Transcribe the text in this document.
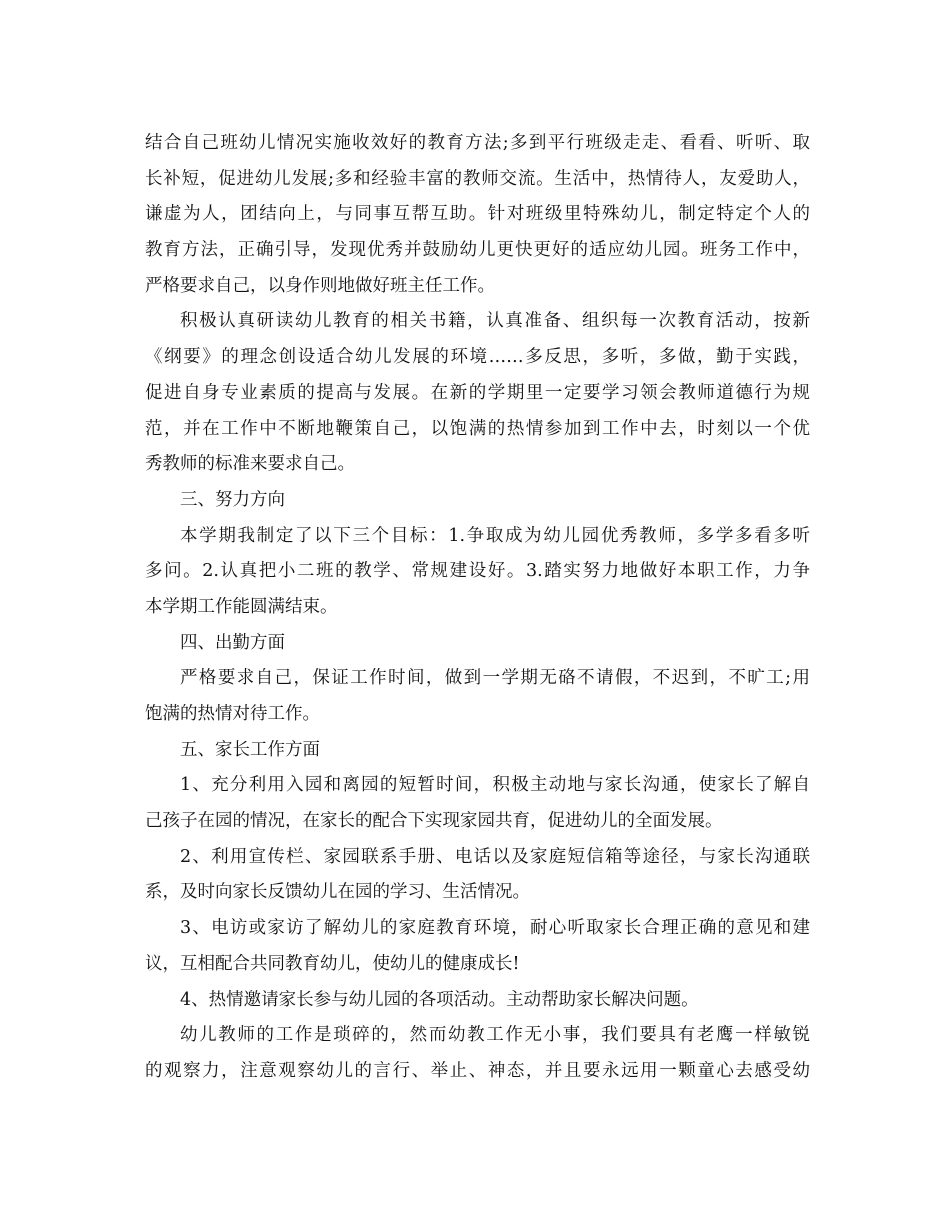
结合自己班幼儿情况实施收效好的教育方法;多到平行班级走走、看看、听听、取
长补短，促进幼儿发展;多和经验丰富的教师交流。生活中，热情待人，友爱助人，
谦虚为人，团结向上，与同事互帮互助。针对班级里特殊幼儿，制定特定个人的
教育方法，正确引导，发现优秀并鼓励幼儿更快更好的适应幼儿园。班务工作中，
严格要求自己，以身作则地做好班主任工作。
积极认真研读幼儿教育的相关书籍，认真准备、组织每一次教育活动，按新
《纲要》的理念创设适合幼儿发展的环境……多反思，多听，多做，勤于实践，
促进自身专业素质的提高与发展。在新的学期里一定要学习领会教师道德行为规
范，并在工作中不断地鞭策自己，以饱满的热情参加到工作中去，时刻以一个优
秀教师的标准来要求自己。
三、努力方向
本学期我制定了以下三个目标：1.争取成为幼儿园优秀教师，多学多看多听
多问。2.认真把小二班的教学、常规建设好。3.踏实努力地做好本职工作，力争
本学期工作能圆满结束。
四、出勤方面
严格要求自己，保证工作时间，做到一学期无硌不请假，不迟到，不旷工;用
饱满的热情对待工作。
五、家长工作方面
1、充分利用入园和离园的短暂时间，积极主动地与家长沟通，使家长了解自
己孩子在园的情况，在家长的配合下实现家园共育，促进幼儿的全面发展。
2、利用宣传栏、家园联系手册、电话以及家庭短信箱等途径，与家长沟通联
系，及时向家长反馈幼儿在园的学习、生活情况。
3、电访或家访了解幼儿的家庭教育环境，耐心听取家长合理正确的意见和建
议，互相配合共同教育幼儿，使幼儿的健康成长!
4、热情邀请家长参与幼儿园的各项活动。主动帮助家长解决问题。
幼儿教师的工作是琐碎的，然而幼教工作无小事，我们要具有老鹰一样敏锐
的观察力，注意观察幼儿的言行、举止、神态，并且要永远用一颗童心去感受幼
